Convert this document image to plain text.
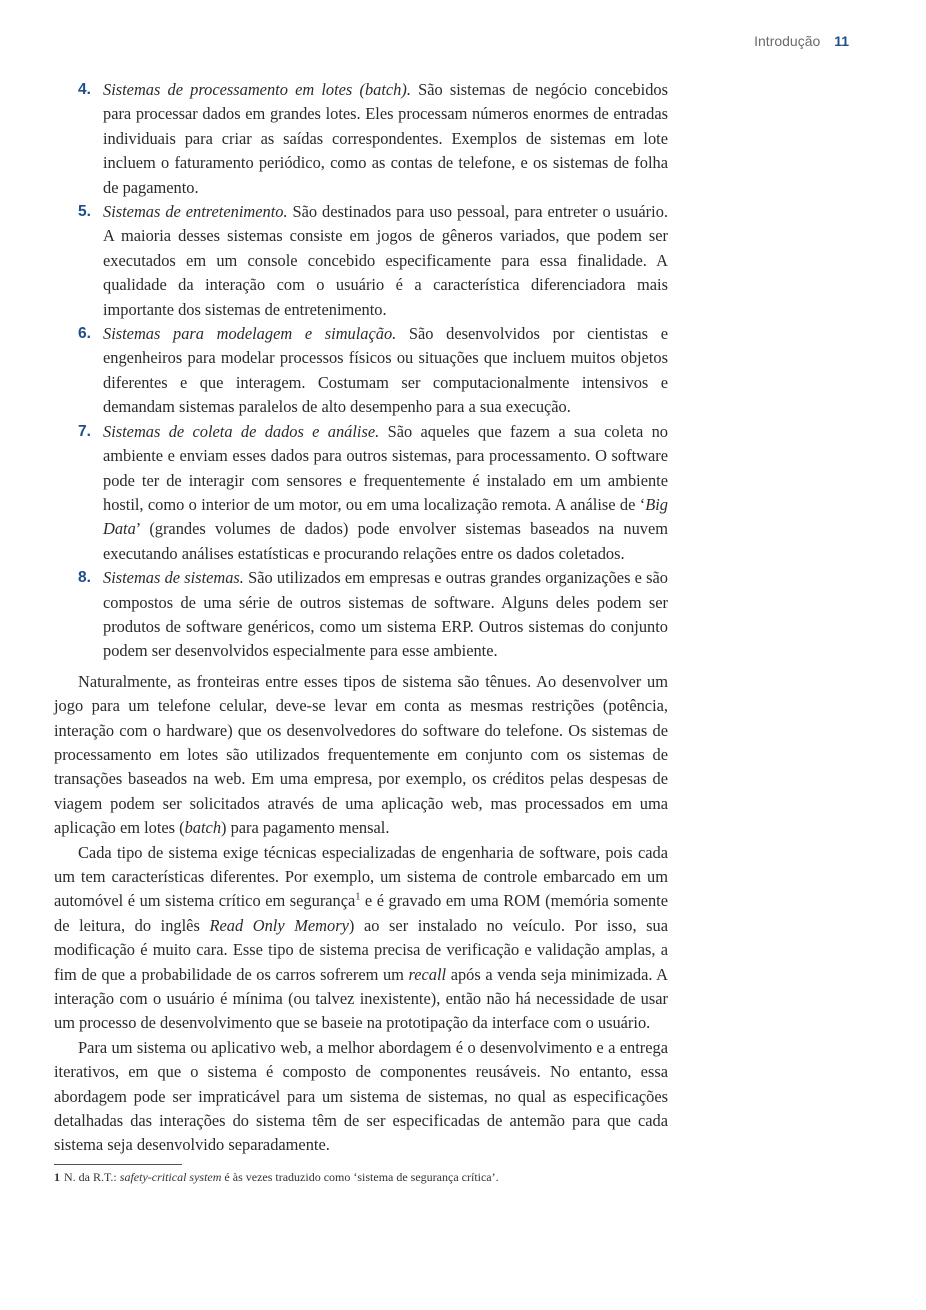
Introdução 11
4. Sistemas de processamento em lotes (batch). São sistemas de negócio concebidos para processar dados em grandes lotes. Eles processam números enormes de entradas individuais para criar as saídas correspondentes. Exemplos de sistemas em lote incluem o faturamento periódico, como as contas de telefone, e os sistemas de folha de pagamento.
5. Sistemas de entretenimento. São destinados para uso pessoal, para entreter o usuário. A maioria desses sistemas consiste em jogos de gêneros variados, que podem ser executados em um console concebido especificamente para essa finalidade. A qualidade da interação com o usuário é a característica diferenciadora mais importante dos sistemas de entretenimento.
6. Sistemas para modelagem e simulação. São desenvolvidos por cientistas e engenheiros para modelar processos físicos ou situações que incluem muitos objetos diferentes e que interagem. Costumam ser computacionalmente intensivos e demandam sistemas paralelos de alto desempenho para a sua execução.
7. Sistemas de coleta de dados e análise. São aqueles que fazem a sua coleta no ambiente e enviam esses dados para outros sistemas, para processamento. O software pode ter de interagir com sensores e frequentemente é instalado em um ambiente hostil, como o interior de um motor, ou em uma localização remota. A análise de ‘Big Data’ (grandes volumes de dados) pode envolver sistemas baseados na nuvem executando análises estatísticas e procurando relações entre os dados coletados.
8. Sistemas de sistemas. São utilizados em empresas e outras grandes organizações e são compostos de uma série de outros sistemas de software. Alguns deles podem ser produtos de software genéricos, como um sistema ERP. Outros sistemas do conjunto podem ser desenvolvidos especialmente para esse ambiente.

Naturalmente, as fronteiras entre esses tipos de sistema são tênues. Ao desenvolver um jogo para um telefone celular, deve-se levar em conta as mesmas restrições (potência, interação com o hardware) que os desenvolvedores do software do telefone. Os sistemas de processamento em lotes são utilizados frequentemente em conjunto com os sistemas de transações baseados na web. Em uma empresa, por exemplo, os créditos pelas despesas de viagem podem ser solicitados através de uma aplicação web, mas processados em uma aplicação em lotes (batch) para pagamento mensal.

Cada tipo de sistema exige técnicas especializadas de engenharia de software, pois cada um tem características diferentes. Por exemplo, um sistema de controle embarcado em um automóvel é um sistema crítico em segurança$^1$ e é gravado em uma ROM (memória somente de leitura, do inglês Read Only Memory) ao ser instalado no veículo. Por isso, sua modificação é muito cara. Esse tipo de sistema precisa de verificação e validação amplas, a fim de que a probabilidade de os carros sofrerem um recall após a venda seja minimizada. A interação com o usuário é mínima (ou talvez inexistente), então não há necessidade de usar um processo de desenvolvimento que se baseie na prototipação da interface com o usuário.

Para um sistema ou aplicativo web, a melhor abordagem é o desenvolvimento e a entrega iterativos, em que o sistema é composto de componentes reusáveis. No entanto, essa abordagem pode ser impraticável para um sistema de sistemas, no qual as especificações detalhadas das interações do sistema têm de ser especificadas de antemão para que cada sistema seja desenvolvido separadamente.

1 N. da R.T.: safety-critical system é às vezes traduzido como ‘sistema de segurança crítica’.
